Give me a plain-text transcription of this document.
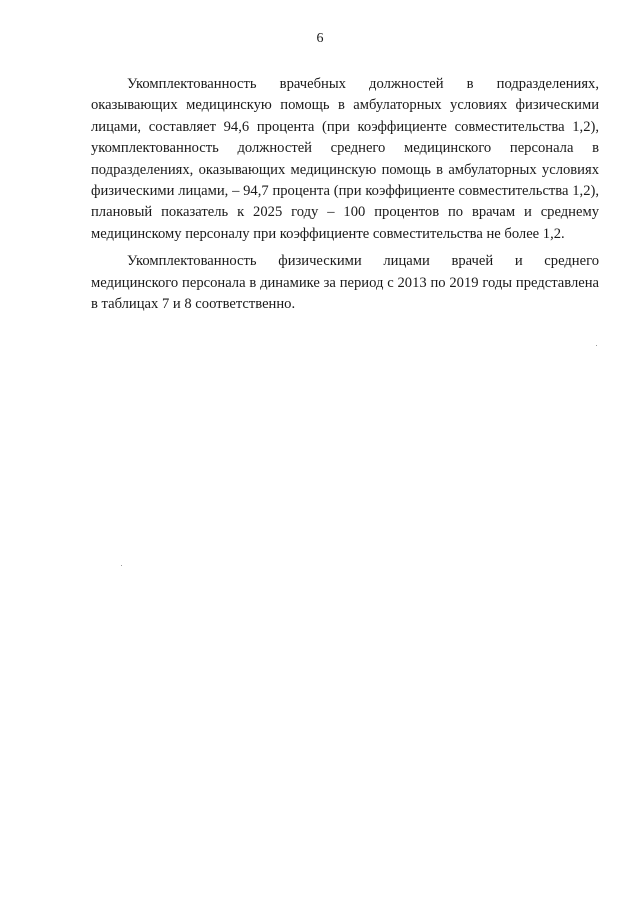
6

Укомплектованность врачебных должностей в подразделениях, оказывающих медицинскую помощь в амбулаторных условиях физическими лицами, составляет 94,6 процента (при коэффициенте совместительства 1,2), укомплектованность должностей среднего медицинского персонала в подразделениях, оказывающих медицинскую помощь в амбулаторных условиях физическими лицами, – 94,7 процента (при коэффициенте совместительства 1,2), плановый показатель к 2025 году – 100 процентов по врачам и среднему медицинскому персоналу при коэффициенте совместительства не более 1,2.

Укомплектованность физическими лицами врачей и среднего медицинского персонала в динамике за период с 2013 по 2019 годы представлена в таблицах 7 и 8 соответственно.
